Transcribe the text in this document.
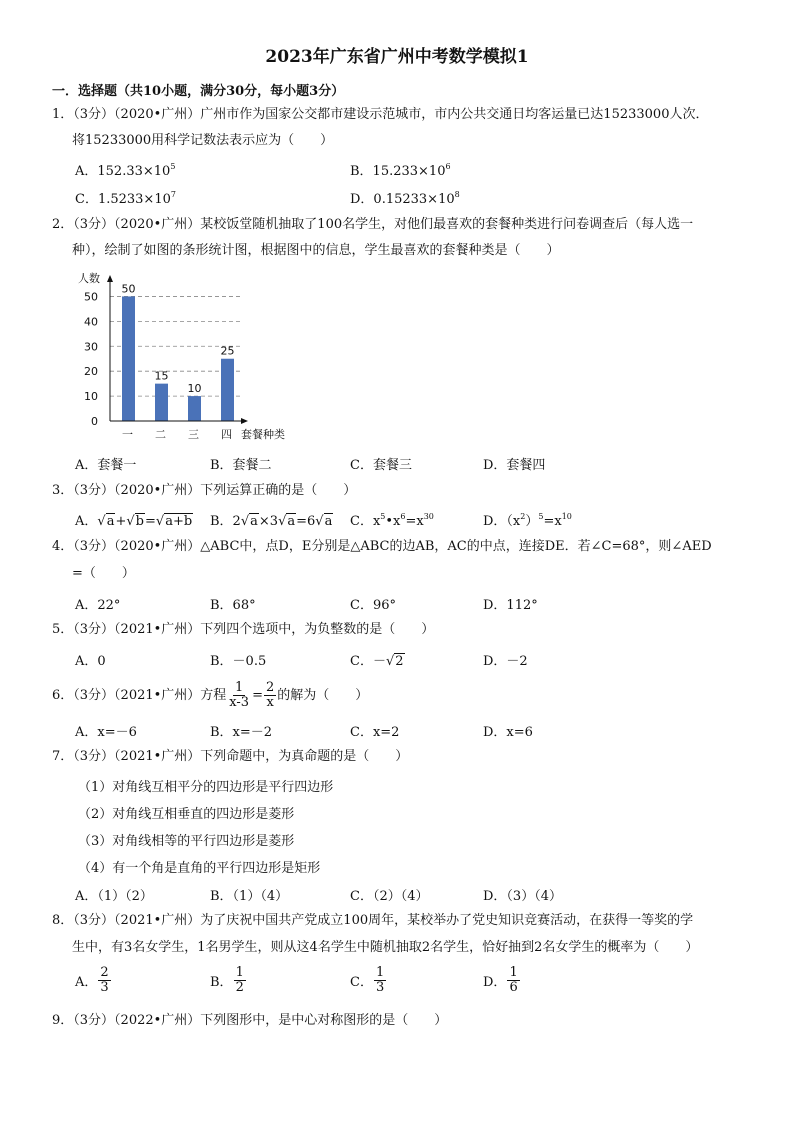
2023年广东省广州中考数学模拟1
一．选择题（共10小题，满分30分，每小题3分）
1．（3分）（2020•广州）广州市作为国家公交都市建设示范城市，市内公共交通日均客运量已达15233000人次．
将15233000用科学记数法表示应为（　　）
A．$152.33\times 10^5$	B．$15.233\times 10^6$
C．$1.5233\times 10^7$	D．$0.15233\times 10^8$
2．（3分）（2020•广州）某校饭堂随机抽取了100名学生，对他们最喜欢的套餐种类进行问卷调查后（每人选一
种），绘制了如图的条形统计图，根据图中的信息，学生最喜欢的套餐种类是（　　）
0
10
20
30
40
50
50
一
15
二
10
三
25
四
人数
套餐种类
A．套餐一	B．套餐二	C．套餐三	D．套餐四
3．（3分）（2020•广州）下列运算正确的是（　　）
A．√a+√b=√a+b B．2√a×3√a=6√a C．$x^5•x^6=x^{30}$	D．$(x^2)^5=x^{10}$
4．（3分）（2020•广州）△ABC中，点D，E分别是△ABC的边AB，AC的中点，连接DE．若∠C=68°，则∠AED
=（　　）
A．22°	B．68°	C．96°	D．112°
5．（3分）（2021•广州）下列四个选项中，为负整数的是（　　）
A．0	B．－0.5	C．－√2	D．－2
6．（3分）（2021•广州）方程 $\frac{1}{x-3} = \frac{2}{x}$ 的解为（　　）
A．x=－6	B．x=－2	C．x=2	D．x=6
7．（3分）（2021•广州）下列命题中，为真命题的是（　　）
（1）对角线互相平分的四边形是平行四边形
（2）对角线互相垂直的四边形是菱形
（3）对角线相等的平行四边形是菱形
（4）有一个角是直角的平行四边形是矩形
A．（1）（2）	B．（1）（4）	C．（2）（4）	D．（3）（4）
8．（3分）（2021•广州）为了庆祝中国共产党成立100周年，某校举办了党史知识竞赛活动，在获得一等奖的学
生中，有3名女学生，1名男学生，则从这4名学生中随机抽取2名学生，恰好抽到2名女学生的概率为（　　）
A． $\frac{2}{3}$	B． $\frac{1}{2}$	C． $\frac{1}{3}$	D． $\frac{1}{6}$
9．（3分）（2022•广州）下列图形中，是中心对称图形的是（　　）
